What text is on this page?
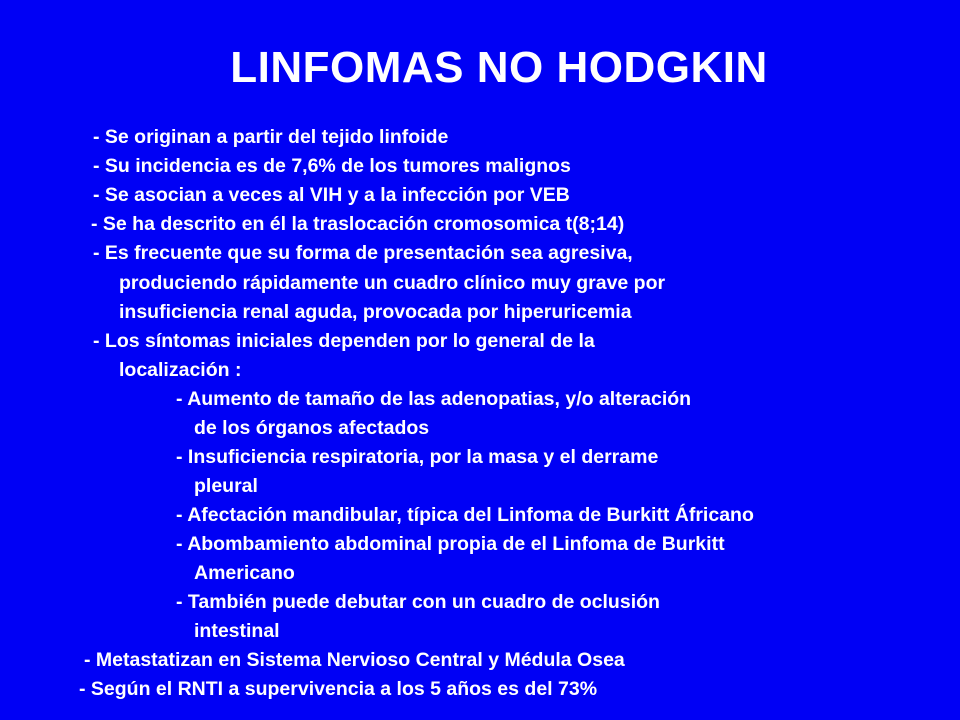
LINFOMAS NO HODGKIN
- Se originan a partir del tejido linfoide
- Su incidencia es de 7,6% de los tumores malignos
- Se asocian a veces al VIH y a la infección por VEB
- Se ha descrito en él la traslocación cromosomica t(8;14)
- Es frecuente que su forma de presentación sea agresiva,
produciendo rápidamente un cuadro clínico muy grave por
insuficiencia renal aguda, provocada por hiperuricemia
- Los síntomas iniciales dependen por lo general de la
localización :
- Aumento de tamaño de las adenopatias, y/o alteración
de los órganos afectados
- Insuficiencia respiratoria, por la masa y el derrame
pleural
- Afectación mandibular, típica del Linfoma de Burkitt Áfricano
- Abombamiento abdominal propia de el Linfoma de Burkitt
Americano
- También puede debutar con un cuadro de oclusión
intestinal
- Metastatizan en Sistema Nervioso Central y Médula Osea
- Según el RNTI a supervivencia a los 5 años es del 73%
